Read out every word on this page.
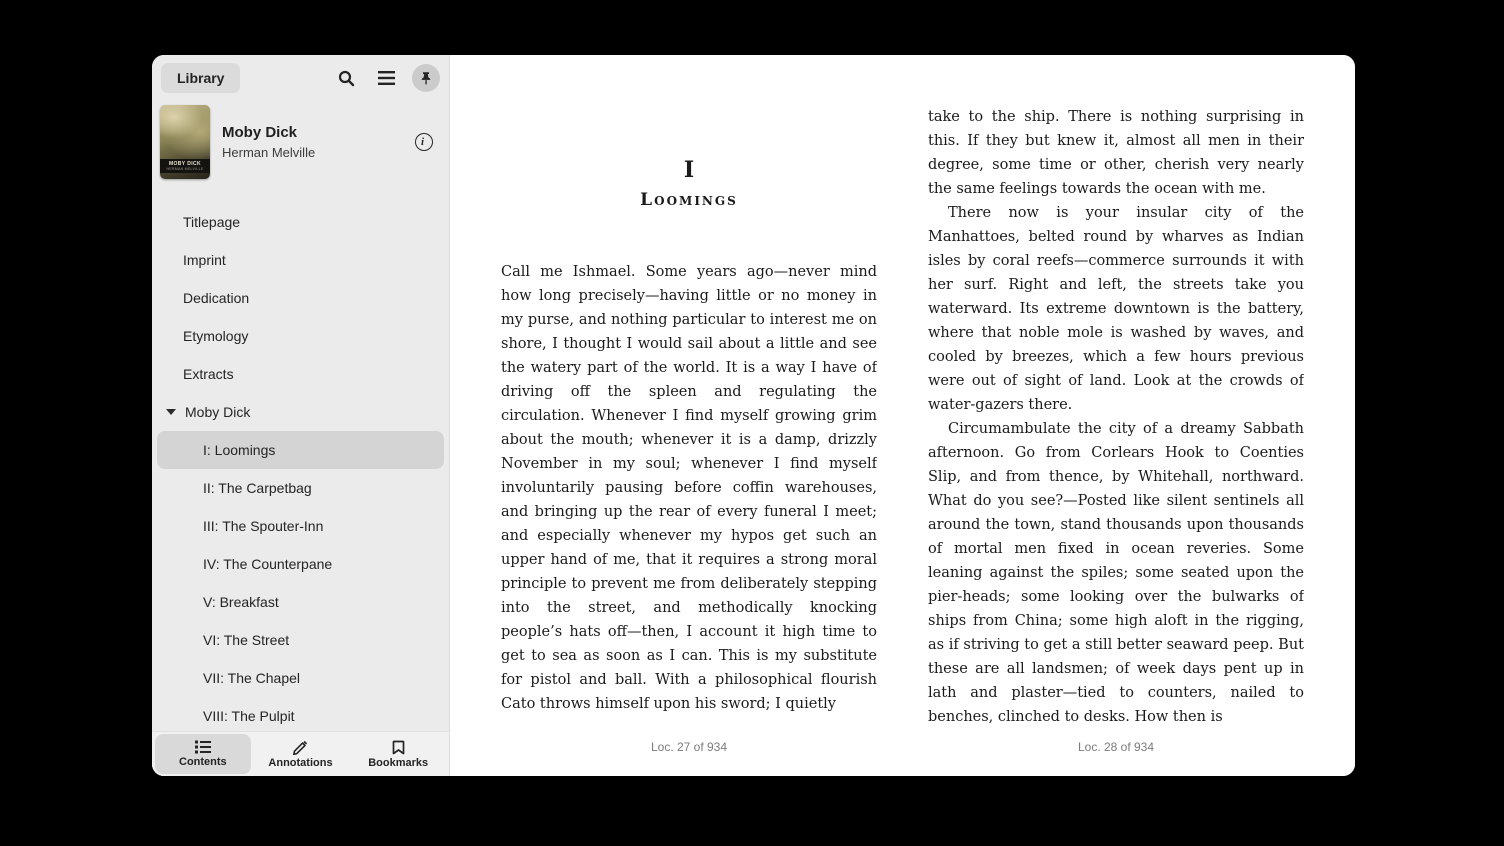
Library
MOBY DICK
HERMAN MELVILLE
Moby Dick
Herman Melville
i
Titlepage
Imprint
Dedication
Etymology
Extracts
Moby Dick
I: Loomings
II: The Carpetbag
III: The Spouter-Inn
IV: The Counterpane
V: Breakfast
VI: The Street
VII: The Chapel
VIII: The Pulpit
Contents	Annotations	Bookmarks
I
Loomings

Call me Ishmael. Some years ago—never mind how long precisely—having little or no money in my purse, and nothing particular to interest me on shore, I thought I would sail about a little and see the watery part of the world. It is a way I have of driving off the spleen and regulating the circulation. Whenever I find myself growing grim about the mouth; whenever it is a damp, drizzly November in my soul; whenever I find myself involuntarily pausing before coffin warehouses, and bringing up the rear of every funeral I meet; and especially whenever my hypos get such an upper hand of me, that it requires a strong moral principle to prevent me from deliberately stepping into the street, and methodically knocking people’s hats off—then, I account it high time to get to sea as soon as I can. This is my substitute for pistol and ball. With a philosophical flourish Cato throws himself upon his sword; I quietly

Loc. 27 of 934

take to the ship. There is nothing surprising in this. If they but knew it, almost all men in their degree, some time or other, cherish very nearly the same feelings towards the ocean with me.

There now is your insular city of the Manhattoes, belted round by wharves as Indian isles by coral reefs—commerce surrounds it with her surf. Right and left, the streets take you waterward. Its extreme downtown is the battery, where that noble mole is washed by waves, and cooled by breezes, which a few hours previous were out of sight of land. Look at the crowds of water-gazers there.

Circumambulate the city of a dreamy Sabbath afternoon. Go from Corlears Hook to Coenties Slip, and from thence, by Whitehall, northward. What do you see?—Posted like silent sentinels all around the town, stand thousands upon thousands of mortal men fixed in ocean reveries. Some leaning against the spiles; some seated upon the pier-heads; some looking over the bulwarks of ships from China; some high aloft in the rigging, as if striving to get a still better seaward peep. But these are all landsmen; of week days pent up in lath and plaster—tied to counters, nailed to benches, clinched to desks. How then is

Loc. 28 of 934
